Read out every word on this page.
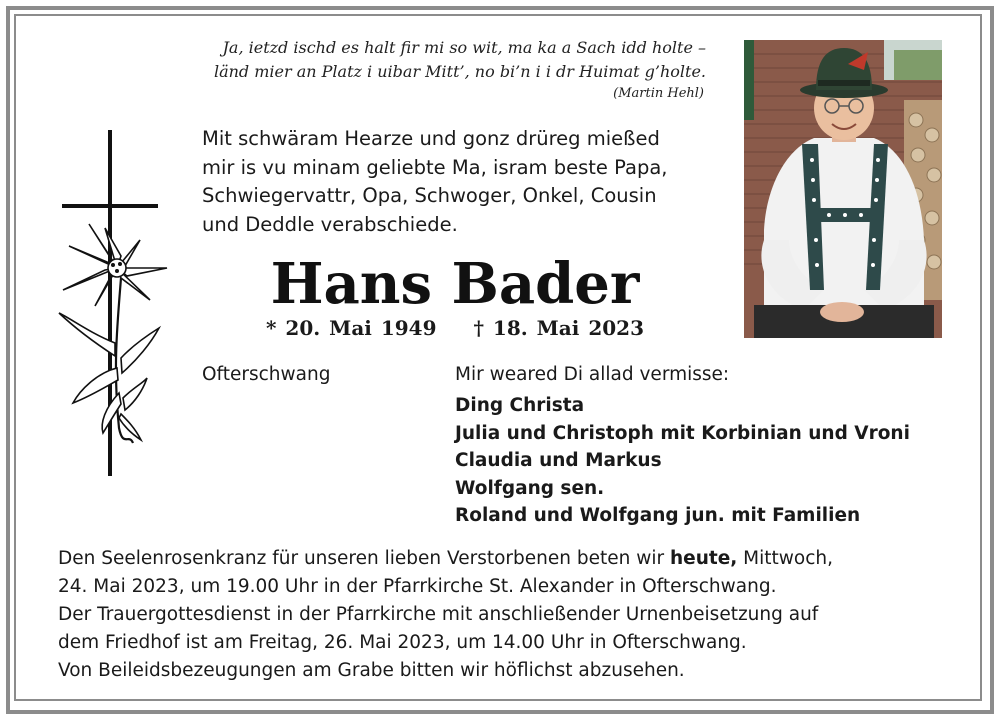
Ja, ietzd ischd es halt fir mi so wit, ma ka a Sach idd holte –
länd mier an Platz i uibar Mitt’, no bi’n i i dr Huimat g’holte.
(Martin Hehl)
Mit schwäram Hearze und gonz drüreg mießed
mir is vu minam geliebte Ma, isram beste Papa,
Schwiegervattr, Opa, Schwoger, Onkel, Cousin
und Deddle verabschiede.
Hans Bader
* 20. Mai 1949 † 18. Mai 2023
Ofterschwang	Mir weared Di allad vermisse:
Ding Christa
Julia und Christoph mit Korbinian und Vroni
Claudia und Markus
Wolfgang sen.
Roland und Wolfgang jun. mit Familien
Den Seelenrosenkranz für unseren lieben Verstorbenen beten wir heute, Mittwoch,
24. Mai 2023, um 19.00 Uhr in der Pfarrkirche St. Alexander in Ofterschwang.
Der Trauergottesdienst in der Pfarrkirche mit anschließender Urnenbeisetzung auf
dem Friedhof ist am Freitag, 26. Mai 2023, um 14.00 Uhr in Ofterschwang.
Von Beileidsbezeugungen am Grabe bitten wir höflichst abzusehen.
